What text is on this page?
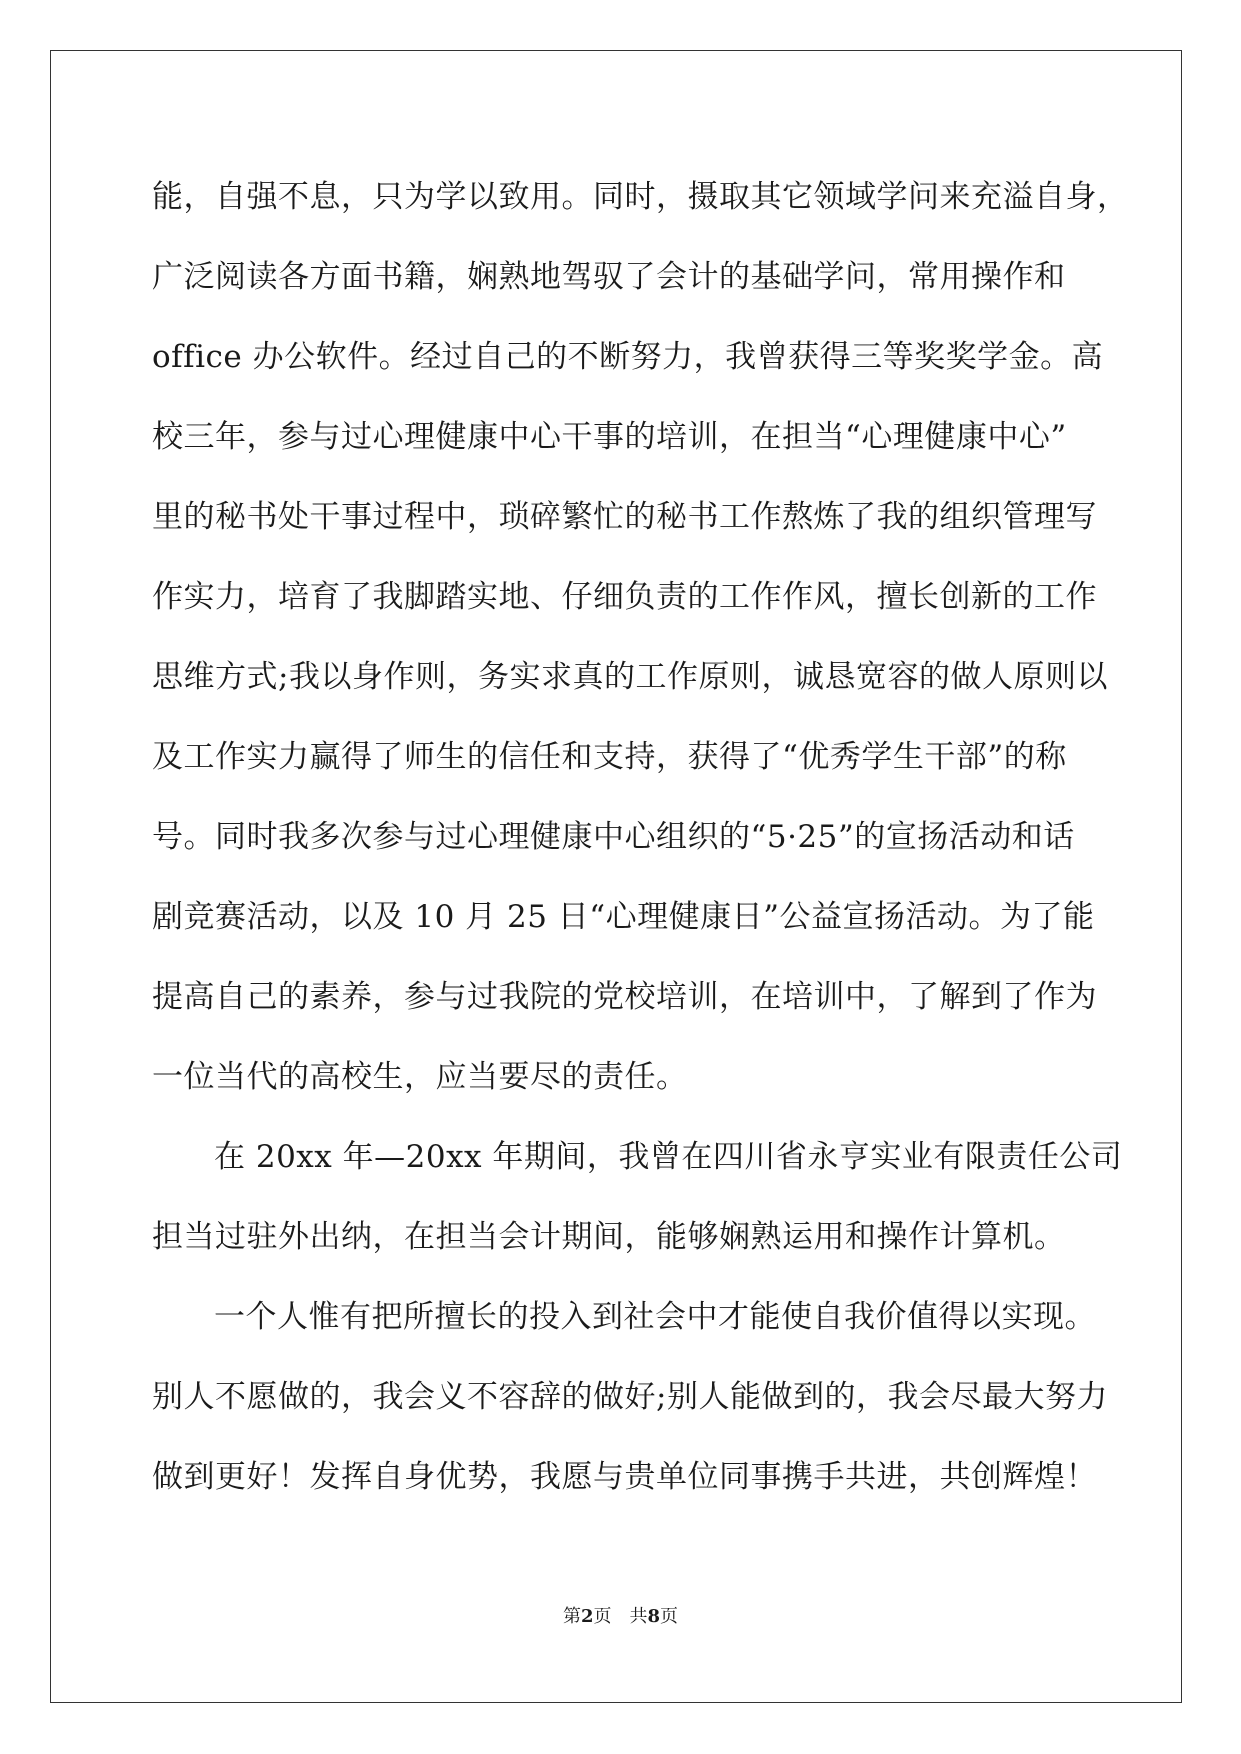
能，自强不息，只为学以致用。同时，摄取其它领域学问来充溢自身，
广泛阅读各方面书籍，娴熟地驾驭了会计的基础学问，常用操作和
office 办公软件。经过自己的不断努力，我曾获得三等奖奖学金。高
校三年，参与过心理健康中心干事的培训，在担当“心理健康中心”
里的秘书处干事过程中，琐碎繁忙的秘书工作熬炼了我的组织管理写
作实力，培育了我脚踏实地、仔细负责的工作作风，擅长创新的工作
思维方式;我以身作则，务实求真的工作原则，诚恳宽容的做人原则以
及工作实力赢得了师生的信任和支持，获得了“优秀学生干部”的称
号。同时我多次参与过心理健康中心组织的“5·25”的宣扬活动和话
剧竞赛活动，以及 10 月 25 日“心理健康日”公益宣扬活动。为了能
提高自己的素养，参与过我院的党校培训，在培训中，了解到了作为
一位当代的高校生，应当要尽的责任。
在 20xx 年—20xx 年期间，我曾在四川省永亨实业有限责任公司
担当过驻外出纳，在担当会计期间，能够娴熟运用和操作计算机。
一个人惟有把所擅长的投入到社会中才能使自我价值得以实现。
别人不愿做的，我会义不容辞的做好;别人能做到的，我会尽最大努力
做到更好！发挥自身优势，我愿与贵单位同事携手共进，共创辉煌！
第2页　共8页
